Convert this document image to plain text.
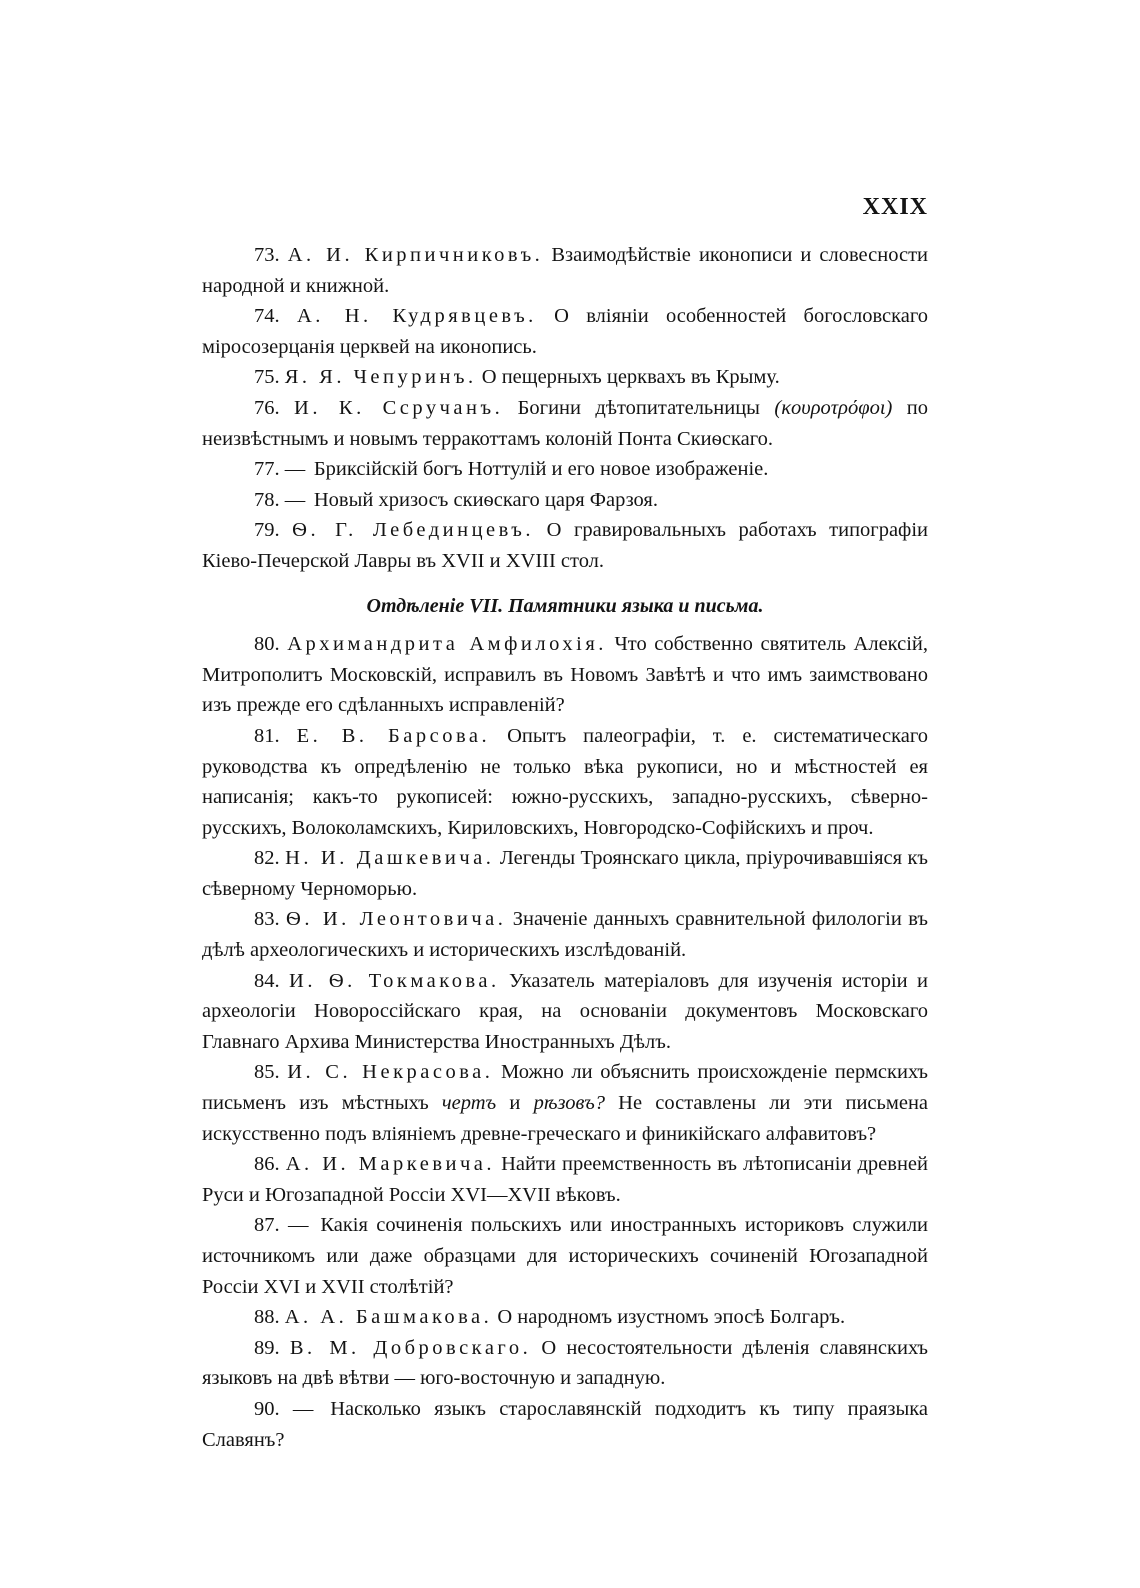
XXIX

73. А. И. Кирпичниковъ. Взаимодѣйствіе иконописи и словесности народной и книжной.

74. А. Н. Кудрявцевъ. О вліяніи особенностей богословскаго міросозерцанія церквей на иконопись.

75. Я. Я. Чепуринъ. О пещерныхъ церквахъ въ Крыму.

76. И. К. Сcручанъ. Богини дѣтопитательницы (κουροτρόφοι) по неизвѣстнымъ и новымъ терракоттамъ колоній Понта Скиѳскаго.

77. — Бриксійскій богъ Ноттулій и его новое изображеніе.

78. — Новый хризосъ скиѳскаго царя Фарзоя.

79. Ѳ. Г. Лебединцевъ. О гравировальныхъ работахъ типографіи Кіево-Печерской Лавры въ XVII и XVIII стол.

Отдѣленіе VII. Памятники языка и письма.

80. Архимандрита Амфилохія. Что собственно святитель Алексій, Митрополитъ Московскій, исправилъ въ Новомъ Завѣтѣ и что имъ заимствовано изъ прежде его сдѣланныхъ исправленій?

81. Е. В. Барсова. Опытъ палеографіи, т. е. систематическаго руководства къ опредѣленію не только вѣка рукописи, но и мѣстностей ея написанія; какъ-то рукописей: южно-русскихъ, западно-русскихъ, сѣверно-русскихъ, Волоколамскихъ, Кириловскихъ, Новгородско-Софійскихъ и проч.

82. Н. И. Дашкевича. Легенды Троянскаго цикла, пріурочивавшіяся къ сѣверному Черноморью.

83. Ѳ. И. Леонтовича. Значеніе данныхъ сравнительной филологіи въ дѣлѣ археологическихъ и историческихъ изслѣдованій.

84. И. Ѳ. Токмакова. Указатель матеріаловъ для изученія исторіи и археологіи Новороссійскаго края, на основаніи документовъ Московскаго Главнаго Архива Министерства Иностранныхъ Дѣлъ.

85. И. С. Некрасова. Можно ли объяснить происхожденіе пермскихъ письменъ изъ мѣстныхъ чертъ и рѣзовъ? Не составлены ли эти письмена искусственно подъ вліяніемъ древне-греческаго и финикійскаго алфавитовъ?

86. А. И. Маркевича. Найти преемственность въ лѣтописаніи древней Руси и Югозападной Россіи XVI—XVII вѣковъ.

87. — Какія сочиненія польскихъ или иностранныхъ историковъ служили источникомъ или даже образцами для историческихъ сочиненій Югозападной Россіи XVI и XVII столѣтій?

88. А. А. Башмакова. О народномъ изустномъ эпосѣ Болгаръ.

89. В. М. Добровскаго. О несостоятельности дѣленія славянскихъ языковъ на двѣ вѣтви — юго-восточную и западную.

90. — Насколько языкъ старославянскій подходитъ къ типу праязыка Славянъ?
